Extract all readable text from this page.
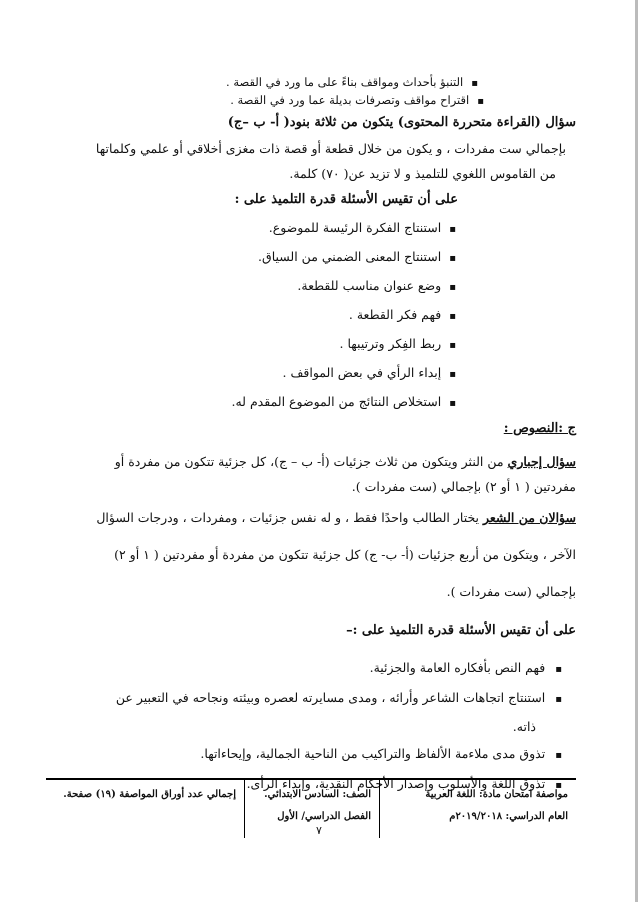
▪ التنبؤ بأحداث ومواقف بناءً على ما ورد في القصة .
▪ اقتراح مواقف وتصرفات بديلة عما ورد في القصة .
سؤال (القراءة متحررة المحتوى) يتكون من ثلاثة بنود( أ- ب –ج)
بإجمالي ست مفردات ، و يكون من خلال قطعة أو قصة ذات مغزى أخلاقي أو علمي وكلماتها
من القاموس اللغوي للتلميذ و لا تزيد عن( ٧٠) كلمة.
على أن تقيس الأسئلة قدرة التلميذ على :
▪ استنتاج الفكرة الرئيسة للموضوع.
▪ استنتاج المعنى الضمني من السياق.
▪ وضع عنوان مناسب للقطعة.
▪ فهم فكر القطعة .
▪ ربط الفِكر وترتيبها .
▪ إبداء الرأي في بعض المواقف .
▪ استخلاص النتائج من الموضوع المقدم له.
ج :النصوص :
سؤال إجباري من النثر ويتكون من ثلاث جزئيات (أ- ب – ج)، كل جزئية تتكون من مفردة أو
مفردتين ( ١ أو ٢) بإجمالي (ست مفردات ).
سؤالان من الشعر يختار الطالب واحدًا فقط ، و له نفس جزئيات ، ومفردات ، ودرجات السؤال
الآخر ، ويتكون من أربع جزئيات (أ- ب- ج) كل جزئية تتكون من مفردة أو مفردتين ( ١ أو ٢)
بإجمالي (ست مفردات ).
على أن تقيس الأسئلة قدرة التلميذ على :–
▪ فهم النص بأفكاره العامة والجزئية.
▪ استنتاج اتجاهات الشاعر وأرائه ، ومدى مسايرته لعصره وبيئته ونجاحه في التعبير عن
ذاته.
▪ تذوق مدى ملاءمة الألفاظ والتراكيب من الناحية الجمالية، وإيحاءاتها.
▪ تذوق اللغة والأسلوب وإصدار الأحكام النقدية، وإبداء الرأى.
مواصفة امتحان مادة: اللغة العربية
العام الدراسي: ٢٠١٩/٢٠١٨م
الصف: السادس الابتدائي.
الفصل الدراسي/ الأول
إجمالي عدد أوراق المواصفة (١٩) صفحة.
٧
